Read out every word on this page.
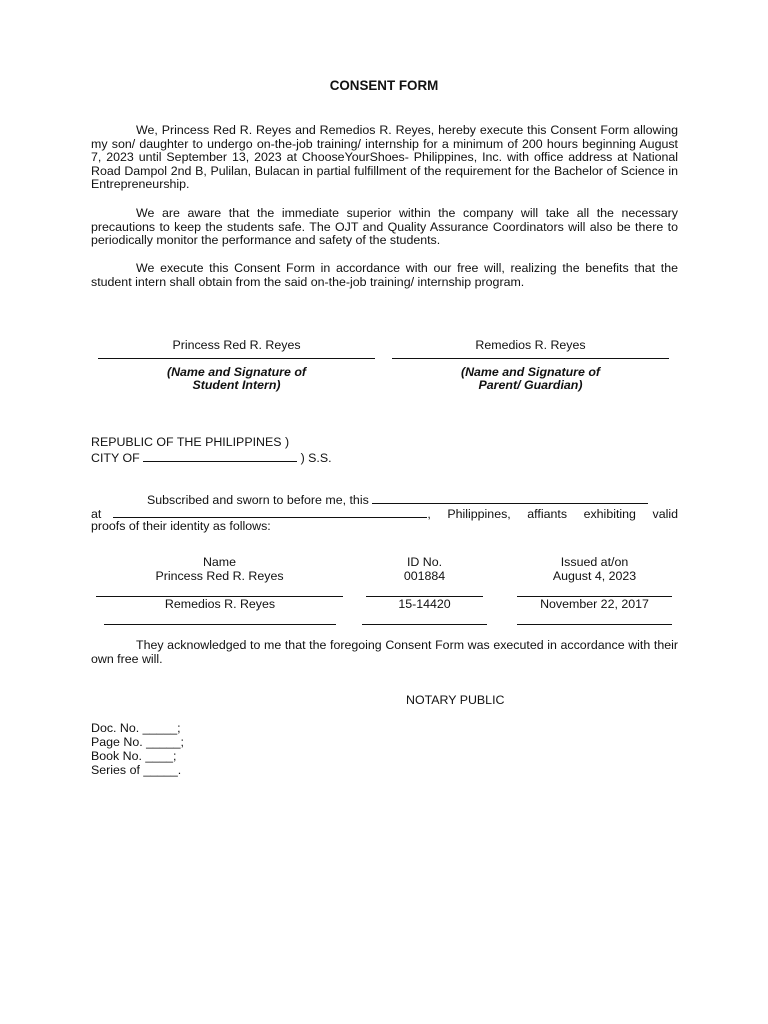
CONSENT FORM
We, Princess Red R. Reyes and Remedios R. Reyes, hereby execute this Consent Form allowing my son/ daughter to undergo on-the-job training/ internship for a minimum of 200 hours beginning August 7, 2023 until September 13, 2023 at ChooseYourShoes- Philippines, Inc. with office address at National Road Dampol 2nd B, Pulilan, Bulacan in partial fulfillment of the requirement for the Bachelor of Science in Entrepreneurship.
We are aware that the immediate superior within the company will take all the necessary precautions to keep the students safe. The OJT and Quality Assurance Coordinators will also be there to periodically monitor the performance and safety of the students.
We execute this Consent Form in accordance with our free will, realizing the benefits that the student intern shall obtain from the said on-the-job training/ internship program.
Princess Red R. Reyes
(Name and Signature of
Student Intern)
Remedios R. Reyes
(Name and Signature of
Parent/ Guardian)
REPUBLIC OF THE PHILIPPINES )
CITY OF	) S.S.
Subscribed and sworn to before me, this
at	, Philippines, affiants exhibiting valid
proofs of their identity as follows:
Name	ID No.	Issued at/on
Princess Red R. Reyes	001884	August 4, 2023
Remedios R. Reyes	15-14420	November 22, 2017
They acknowledged to me that the foregoing Consent Form was executed in accordance with their own free will.
NOTARY PUBLIC
Doc. No. _____;
Page No. _____;
Book No. ____;
Series of _____.
